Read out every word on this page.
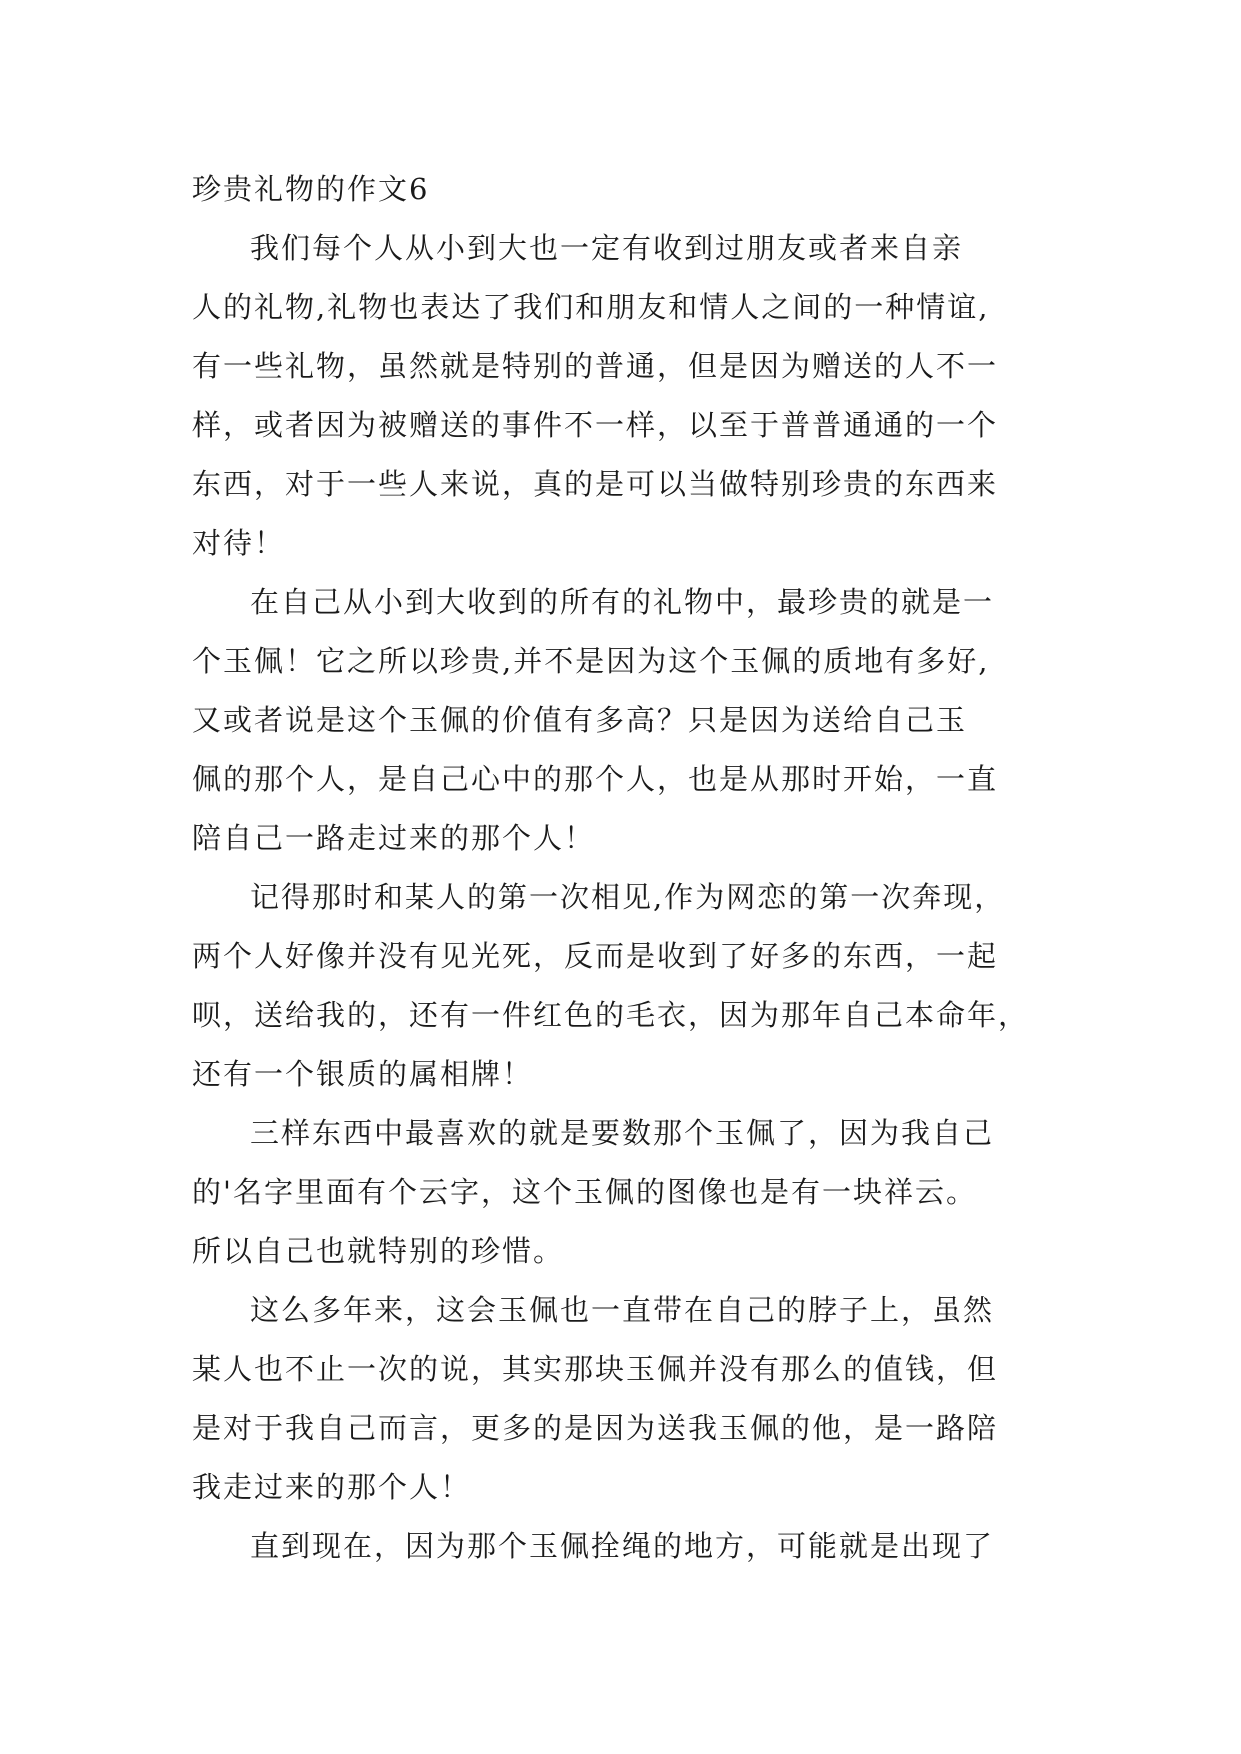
珍贵礼物的作文6

我们每个人从小到大也一定有收到过朋友或者来自亲
人的礼物,礼物也表达了我们和朋友和情人之间的一种情谊,
有一些礼物，虽然就是特别的普通，但是因为赠送的人不一
样，或者因为被赠送的事件不一样，以至于普普通通的一个
东西，对于一些人来说，真的是可以当做特别珍贵的东西来
对待！

在自己从小到大收到的所有的礼物中，最珍贵的就是一
个玉佩！它之所以珍贵,并不是因为这个玉佩的质地有多好,
又或者说是这个玉佩的价值有多高？只是因为送给自己玉
佩的那个人，是自己心中的那个人，也是从那时开始，一直
陪自己一路走过来的那个人！

记得那时和某人的第一次相见,作为网恋的第一次奔现，
两个人好像并没有见光死，反而是收到了好多的东西，一起
呗，送给我的，还有一件红色的毛衣，因为那年自己本命年，
还有一个银质的属相牌！

三样东西中最喜欢的就是要数那个玉佩了，因为我自己
的'名字里面有个云字，这个玉佩的图像也是有一块祥云。
所以自己也就特别的珍惜。

这么多年来，这会玉佩也一直带在自己的脖子上，虽然
某人也不止一次的说，其实那块玉佩并没有那么的值钱，但
是对于我自己而言，更多的是因为送我玉佩的他，是一路陪
我走过来的那个人！

直到现在，因为那个玉佩拴绳的地方，可能就是出现了
